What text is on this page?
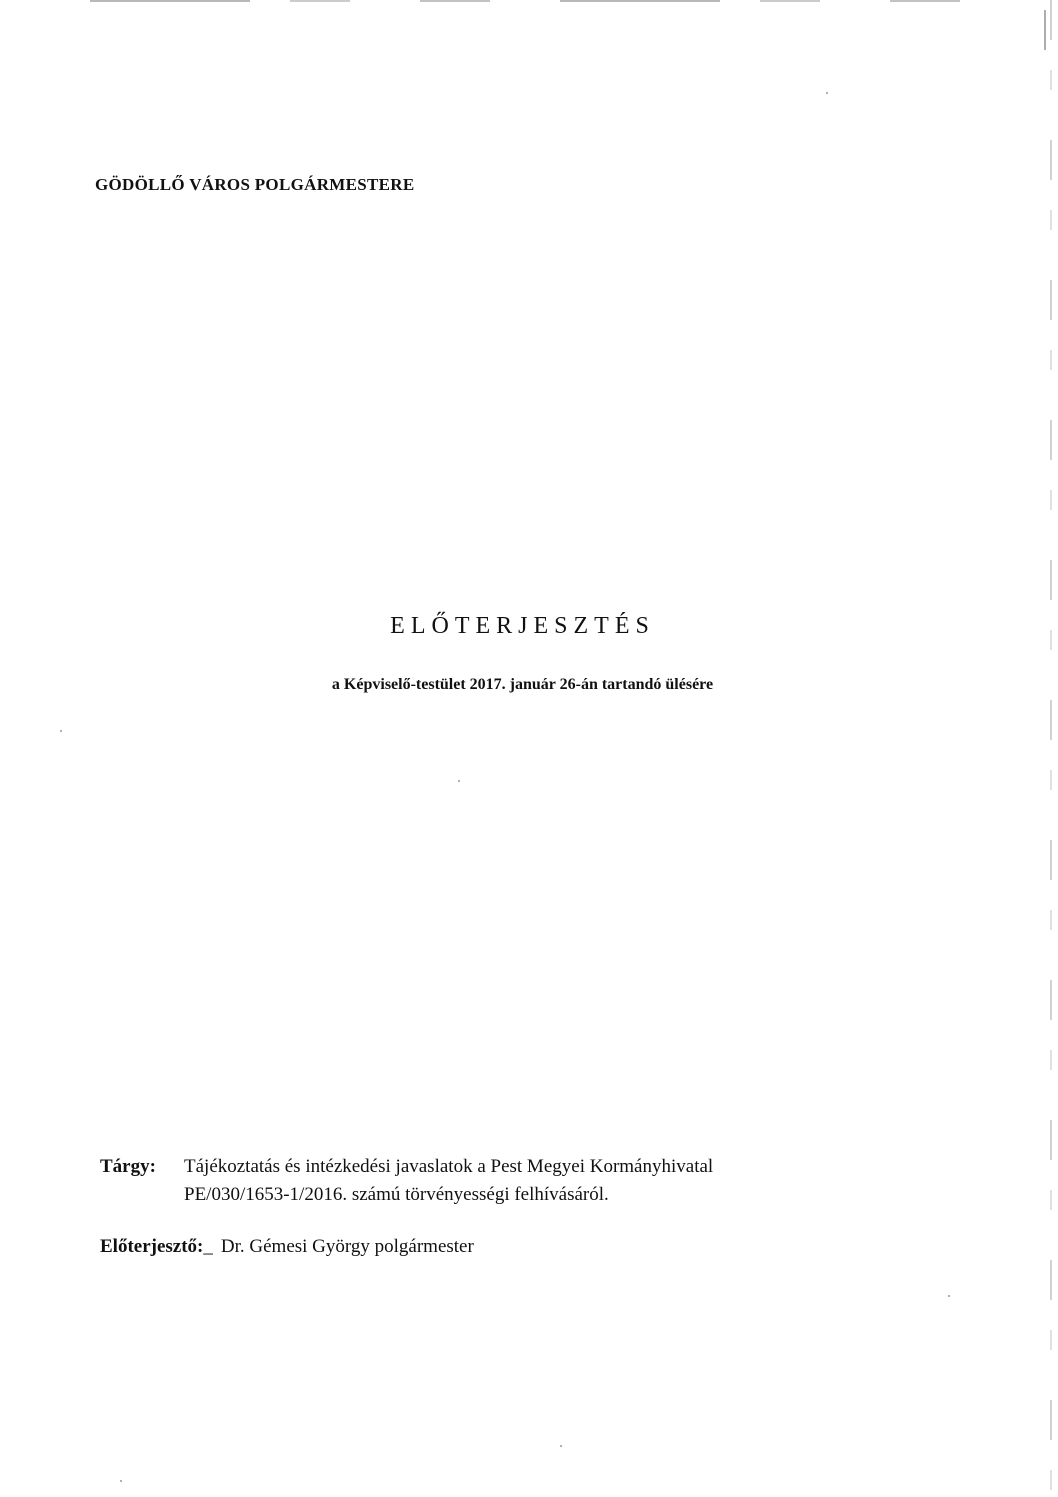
GÖDÖLLŐ VÁROS POLGÁRMESTERE
ELŐTERJESZTÉS
a Képviselő-testület 2017. január 26-án tartandó ülésére
Tárgy: Tájékoztatás és intézkedési javaslatok a Pest Megyei Kormányhivatal
PE/030/1653-1/2016. számú törvényességi felhívásáról.
Előterjesztő:_ Dr. Gémesi György polgármester
